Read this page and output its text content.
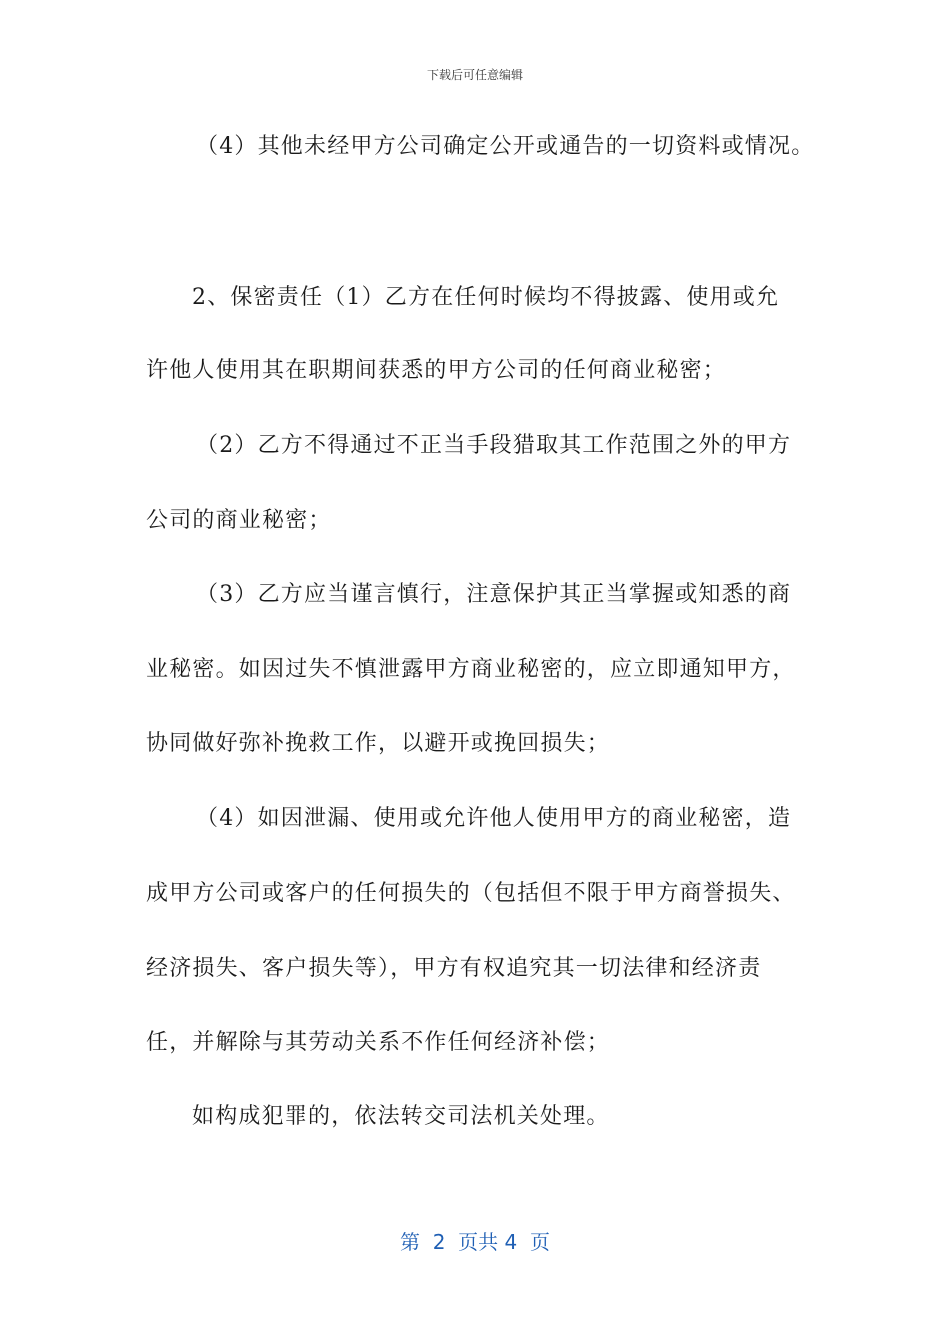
下载后可任意编辑
（4）其他未经甲方公司确定公开或通告的一切资料或情况。
2、保密责任（1）乙方在任何时候均不得披露、使用或允
许他人使用其在职期间获悉的甲方公司的任何商业秘密；
（2）乙方不得通过不正当手段猎取其工作范围之外的甲方
公司的商业秘密；
（3）乙方应当谨言慎行，注意保护其正当掌握或知悉的商
业秘密。如因过失不慎泄露甲方商业秘密的，应立即通知甲方，
协同做好弥补挽救工作，以避开或挽回损失；
（4）如因泄漏、使用或允许他人使用甲方的商业秘密，造
成甲方公司或客户的任何损失的（包括但不限于甲方商誉损失、
经济损失、客户损失等），甲方有权追究其一切法律和经济责
任，并解除与其劳动关系不作任何经济补偿；
如构成犯罪的，依法转交司法机关处理。
第  2  页共 4  页
